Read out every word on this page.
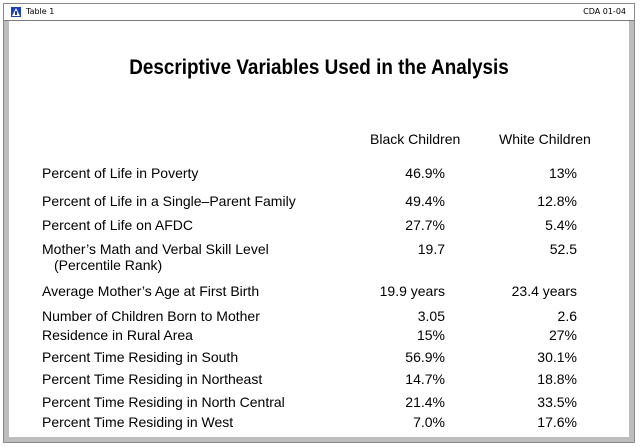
Table 1	CDA 01-04
Descriptive Variables Used in the Analysis
Black Children	White Children
Percent of Life in Poverty	46.9%	13%
Percent of Life in a Single–Parent Family	49.4%	12.8%
Percent of Life on AFDC	27.7%	5.4%
Mother’s Math and Verbal Skill Level
(Percentile Rank)
19.7	52.5
Average Mother’s Age at First Birth	19.9 years	23.4 years
Number of Children Born to Mother	3.05	2.6
Residence in Rural Area	15%	27%
Percent Time Residing in South	56.9%	30.1%
Percent Time Residing in Northeast	14.7%	18.8%
Percent Time Residing in North Central	21.4%	33.5%
Percent Time Residing in West	7.0%	17.6%
